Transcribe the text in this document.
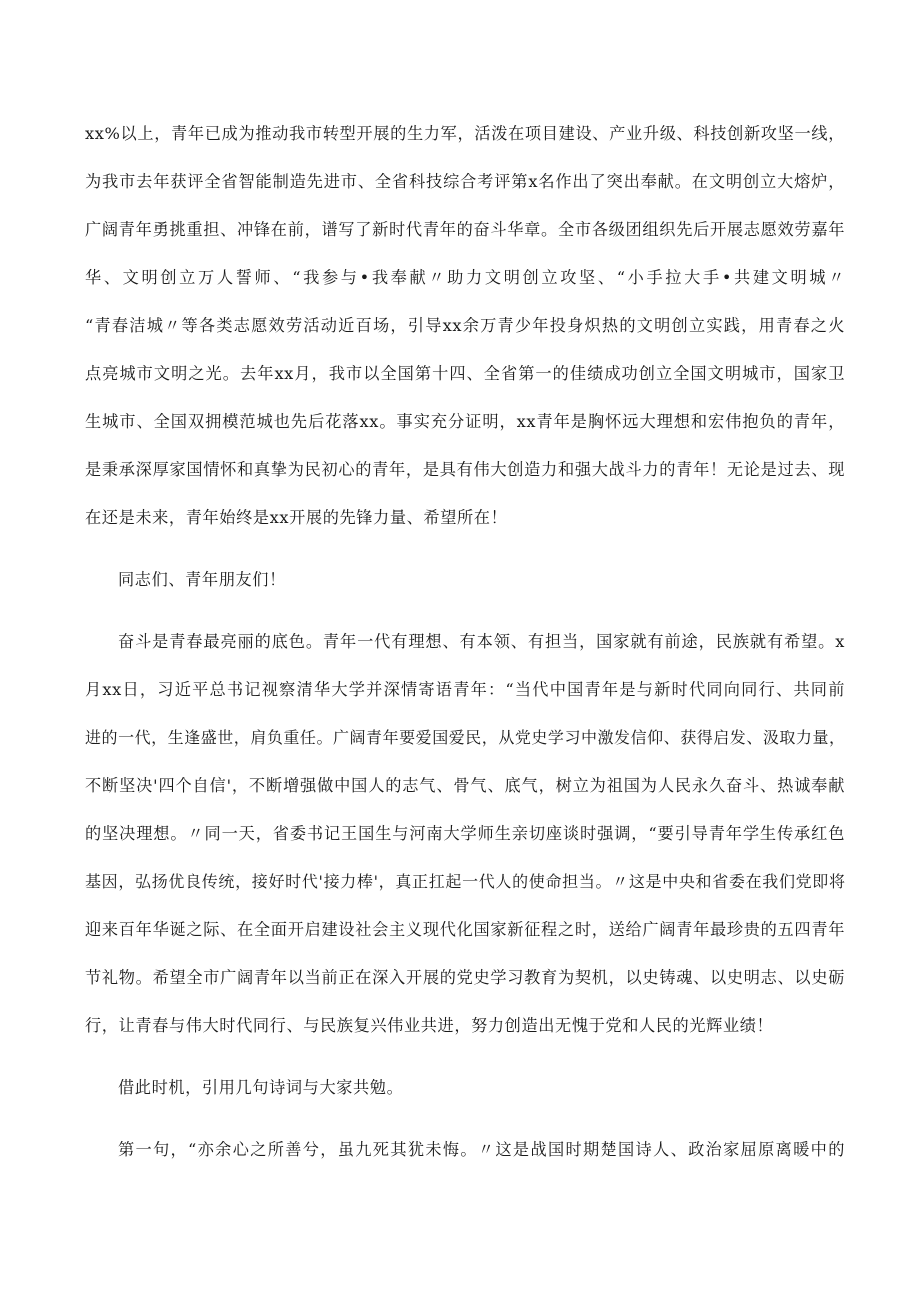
xx%以上，青年已成为推动我市转型开展的生力军，活泼在项目建设、产业升级、科技创新攻坚一线，
为我市去年获评全省智能制造先进市、全省科技综合考评第x名作出了突出奉献。在文明创立大熔炉，
广阔青年勇挑重担、冲锋在前，谱写了新时代青年的奋斗华章。全市各级团组织先后开展志愿效劳嘉年
华、文明创立万人誓师、“我参与•我奉献〃助力文明创立攻坚、“小手拉大手•共建文明城〃
“青春洁城〃等各类志愿效劳活动近百场，引导xx余万青少年投身炽热的文明创立实践，用青春之火
点亮城市文明之光。去年xx月，我市以全国第十四、全省第一的佳绩成功创立全国文明城市，国家卫
生城市、全国双拥模范城也先后花落xx。事实充分证明，xx青年是胸怀远大理想和宏伟抱负的青年，
是秉承深厚家国情怀和真挚为民初心的青年，是具有伟大创造力和强大战斗力的青年！无论是过去、现
在还是未来，青年始终是xx开展的先锋力量、希望所在！
同志们、青年朋友们！
奋斗是青春最亮丽的底色。青年一代有理想、有本领、有担当，国家就有前途，民族就有希望。x
月xx日，习近平总书记视察清华大学并深情寄语青年：“当代中国青年是与新时代同向同行、共同前
进的一代，生逢盛世，肩负重任。广阔青年要爱国爱民，从党史学习中激发信仰、获得启发、汲取力量，
不断坚决'四个自信'，不断增强做中国人的志气、骨气、底气，树立为祖国为人民永久奋斗、热诚奉献
的坚决理想。〃同一天，省委书记王国生与河南大学师生亲切座谈时强调，“要引导青年学生传承红色
基因，弘扬优良传统，接好时代'接力棒'，真正扛起一代人的使命担当。〃这是中央和省委在我们党即将
迎来百年华诞之际、在全面开启建设社会主义现代化国家新征程之时，送给广阔青年最珍贵的五四青年
节礼物。希望全市广阔青年以当前正在深入开展的党史学习教育为契机，以史铸魂、以史明志、以史砺
行，让青春与伟大时代同行、与民族复兴伟业共进，努力创造出无愧于党和人民的光辉业绩！
借此时机，引用几句诗词与大家共勉。
第一句，“亦余心之所善兮，虽九死其犹未悔。〃这是战国时期楚国诗人、政治家屈原离暖中的
